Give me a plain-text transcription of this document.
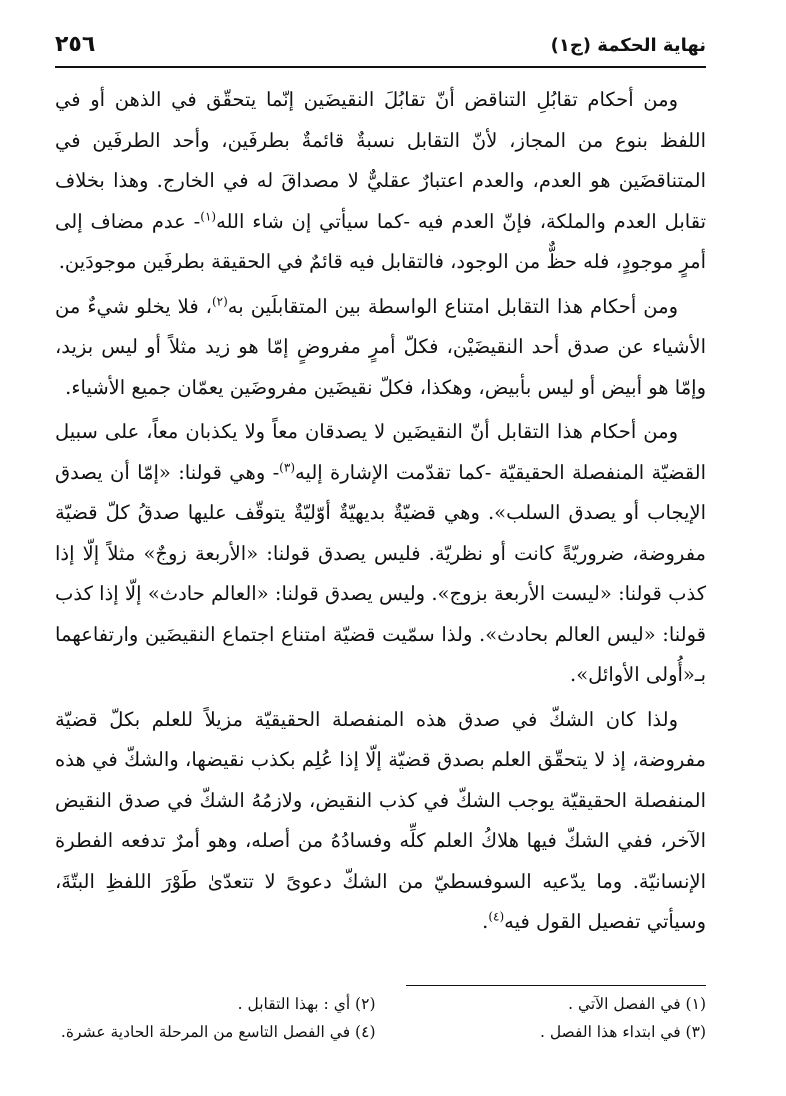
نهاية الحكمة (ج١)
٢٥٦

ومن أحكام تقابُلِ التناقض أنّ تقابُلَ النقيضَين إنّما يتحقّق في الذهن أو في اللفظ بنوع من المجاز، لأنّ التقابل نسبةٌ قائمةٌ بطرفَين، وأحد الطرفَين في المتناقضَين هو العدم، والعدم اعتبارٌ عقليٌّ لا مصداقَ له في الخارج. وهذا بخلاف تقابل العدم والملكة، فإنّ العدم فيه -كما سيأتي إن شاء الله$^{(١)}$- عدم مضاف إلى أمرٍ موجودٍ، فله حظٌّ من الوجود، فالتقابل فيه قائمٌ في الحقيقة بطرفَين موجودَين.

ومن أحكام هذا التقابل امتناع الواسطة بين المتقابلَين به$^{(٢)}$، فلا يخلو شيءٌ من الأشياء عن صدق أحد النقيضَيْن، فكلّ أمرٍ مفروضٍ إمّا هو زيد مثلاً أو ليس بزيد، وإمّا هو أبيض أو ليس بأبيض، وهكذا، فكلّ نقيضَين مفروضَين يعمّان جميع الأشياء.

ومن أحكام هذا التقابل أنّ النقيضَين لا يصدقان معاً ولا يكذبان معاً، على سبيل القضيّة المنفصلة الحقيقيّة -كما تقدّمت الإشارة إليه$^{(٣)}$- وهي قولنا: «إمّا أن يصدق الإيجاب أو يصدق السلب». وهي قضيّةٌ بديهيّةٌ أوّليّةٌ يتوقّف عليها صدقُ كلّ قضيّة مفروضة، ضروريّةً كانت أو نظريّة. فليس يصدق قولنا: «الأربعة زوجٌ» مثلاً إلّا إذا كذب قولنا: «ليست الأربعة بزوج». وليس يصدق قولنا: «العالم حادث» إلّا إذا كذب قولنا: «ليس العالم بحادث». ولذا سمّيت قضيّة امتناع اجتماع النقيضَين وارتفاعهما بـ«أُولى الأوائل».

ولذا كان الشكّ في صدق هذه المنفصلة الحقيقيّة مزيلاً للعلم بكلّ قضيّة مفروضة، إذ لا يتحقّق العلم بصدق قضيّة إلّا إذا عُلِم بكذب نقيضها، والشكّ في هذه المنفصلة الحقيقيّة يوجب الشكّ في كذب النقيض، ولازمُهُ الشكّ في صدق النقيض الآخر، ففي الشكّ فيها هلاكُ العلم كلِّه وفسادُهُ من أصله، وهو أمرٌ تدفعه الفطرة الإنسانيّة. وما يدّعيه السوفسطيّ من الشكّ دعوىً لا تتعدّىٰ طَوْرَ اللفظِ البتّةَ، وسيأتي تفصيل القول فيه$^{(٤)}$.

(١) في الفصل الآتي .
(٢) أي : بهذا التقابل .
(٣) في ابتداء هذا الفصل .
(٤) في الفصل التاسع من المرحلة الحادية عشرة.
